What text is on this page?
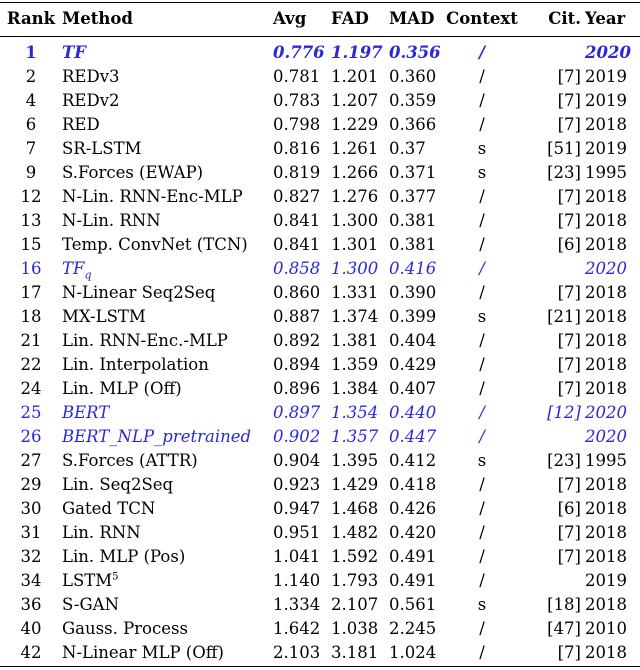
Rank	Method	Avg	FAD	MAD	Context	Cit.	Year
1	TF	0.776	1.197	0.356	/		2020
2	REDv3	0.781	1.201	0.360	/	[7]	2019
4	REDv2	0.783	1.207	0.359	/	[7]	2019
6	RED	0.798	1.229	0.366	/	[7]	2018
7	SR-LSTM	0.816	1.261	0.37	s	[51]	2019
9	S.Forces (EWAP)	0.819	1.266	0.371	s	[23]	1995
12	N-Lin. RNN-Enc-MLP	0.827	1.276	0.377	/	[7]	2018
13	N-Lin. RNN	0.841	1.300	0.381	/	[7]	2018
15	Temp. ConvNet (TCN)	0.841	1.301	0.381	/	[6]	2018
16	$TF_q$	0.858	1.300	0.416	/		2020
17	N-Linear Seq2Seq	0.860	1.331	0.390	/	[7]	2018
18	MX-LSTM	0.887	1.374	0.399	s	[21]	2018
21	Lin. RNN-Enc.-MLP	0.892	1.381	0.404	/	[7]	2018
22	Lin. Interpolation	0.894	1.359	0.429	/	[7]	2018
24	Lin. MLP (Off)	0.896	1.384	0.407	/	[7]	2018
25	BERT	0.897	1.354	0.440	/	[12]	2020
26	BERT_NLP_pretrained	0.902	1.357	0.447	/		2020
27	S.Forces (ATTR)	0.904	1.395	0.412	s	[23]	1995
29	Lin. Seq2Seq	0.923	1.429	0.418	/	[7]	2018
30	Gated TCN	0.947	1.468	0.426	/	[6]	2018
31	Lin. RNN	0.951	1.482	0.420	/	[7]	2018
32	Lin. MLP (Pos)	1.041	1.592	0.491	/	[7]	2018
34	LSTM$^5$	1.140	1.793	0.491	/		2019
36	S-GAN	1.334	2.107	0.561	s	[18]	2018
40	Gauss. Process	1.642	1.038	2.245	/	[47]	2010
42	N-Linear MLP (Off)	2.103	3.181	1.024	/	[7]	2018
